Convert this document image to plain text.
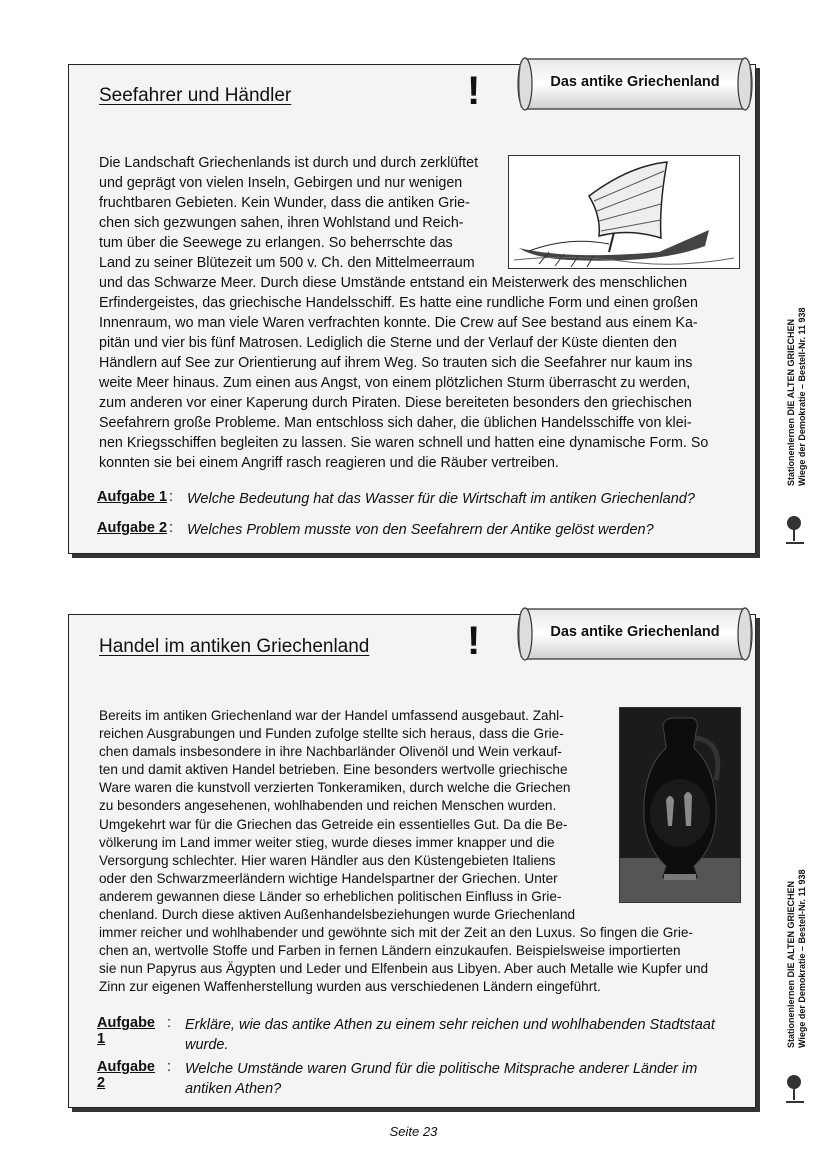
Seefahrer und Händler	!	Das antike Griechenland
Die Landschaft Griechenlands ist durch und durch zerklüftet
und geprägt von vielen Inseln, Gebirgen und nur wenigen
fruchtbaren Gebieten. Kein Wunder, dass die antiken Grie-
chen sich gezwungen sahen, ihren Wohlstand und Reich-
tum über die Seewege zu erlangen. So beherrschte das
Land zu seiner Blütezeit um 500 v. Ch. den Mittelmeerraum
und das Schwarze Meer. Durch diese Umstände entstand ein Meisterwerk des menschlichen
Erfindergeistes, das griechische Handelsschiff. Es hatte eine rundliche Form und einen großen
Innenraum, wo man viele Waren verfrachten konnte. Die Crew auf See bestand aus einem Ka-
pitän und vier bis fünf Matrosen. Lediglich die Sterne und der Verlauf der Küste dienten den
Händlern auf See zur Orientierung auf ihrem Weg. So trauten sich die Seefahrer nur kaum ins
weite Meer hinaus. Zum einen aus Angst, von einem plötzlichen Sturm überrascht zu werden,
zum anderen vor einer Kaperung durch Piraten. Diese bereiteten besonders den griechischen
Seefahrern große Probleme. Man entschloss sich daher, die üblichen Handelsschiffe von klei-
nen Kriegsschiffen begleiten zu lassen. Sie waren schnell und hatten eine dynamische Form. So
konnten sie bei einem Angriff rasch reagieren und die Räuber vertreiben.
Aufgabe 1 : Welche Bedeutung hat das Wasser für die Wirtschaft im antiken Griechenland?
Aufgabe 2 : Welches Problem musste von den Seefahrern der Antike gelöst werden?
Handel im antiken Griechenland !	Das antike Griechenland
Bereits im antiken Griechenland war der Handel umfassend ausgebaut. Zahl-
reichen Ausgrabungen und Funden zufolge stellte sich heraus, dass die Grie-
chen damals insbesondere in ihre Nachbarländer Olivenöl und Wein verkauf-
ten und damit aktiven Handel betrieben. Eine besonders wertvolle griechische
Ware waren die kunstvoll verzierten Tonkeramiken, durch welche die Griechen
zu besonders angesehenen, wohlhabenden und reichen Menschen wurden.
Umgekehrt war für die Griechen das Getreide ein essentielles Gut. Da die Be-
völkerung im Land immer weiter stieg, wurde dieses immer knapper und die
Versorgung schlechter. Hier waren Händler aus den Küstengebieten Italiens
oder den Schwarzmeerländern wichtige Handelspartner der Griechen. Unter
anderem gewannen diese Länder so erheblichen politischen Einfluss in Grie-
chenland. Durch diese aktiven Außenhandelsbeziehungen wurde Griechenland
immer reicher und wohlhabender und gewöhnte sich mit der Zeit an den Luxus. So fingen die Grie-
chen an, wertvolle Stoffe und Farben in fernen Ländern einzukaufen. Beispielsweise importierten
sie nun Papyrus aus Ägypten und Leder und Elfenbein aus Libyen. Aber auch Metalle wie Kupfer und
Zinn zur eigenen Waffenherstellung wurden aus verschiedenen Ländern eingeführt.
Aufgabe 1
: Erkläre, wie das antike Athen zu einem sehr reichen und wohlhabenden Stadtstaat wurde.
Aufgabe 2
: Welche Umstände waren Grund für die politische Mitsprache anderer Länder im antiken Athen?
Stationenlernen DIE ALTEN GRIECHEN Wiege der Demokratie – Bestell-Nr. 11 938
Stationenlernen DIE ALTEN GRIECHEN Wiege der Demokratie – Bestell-Nr. 11 938
Seite 23
